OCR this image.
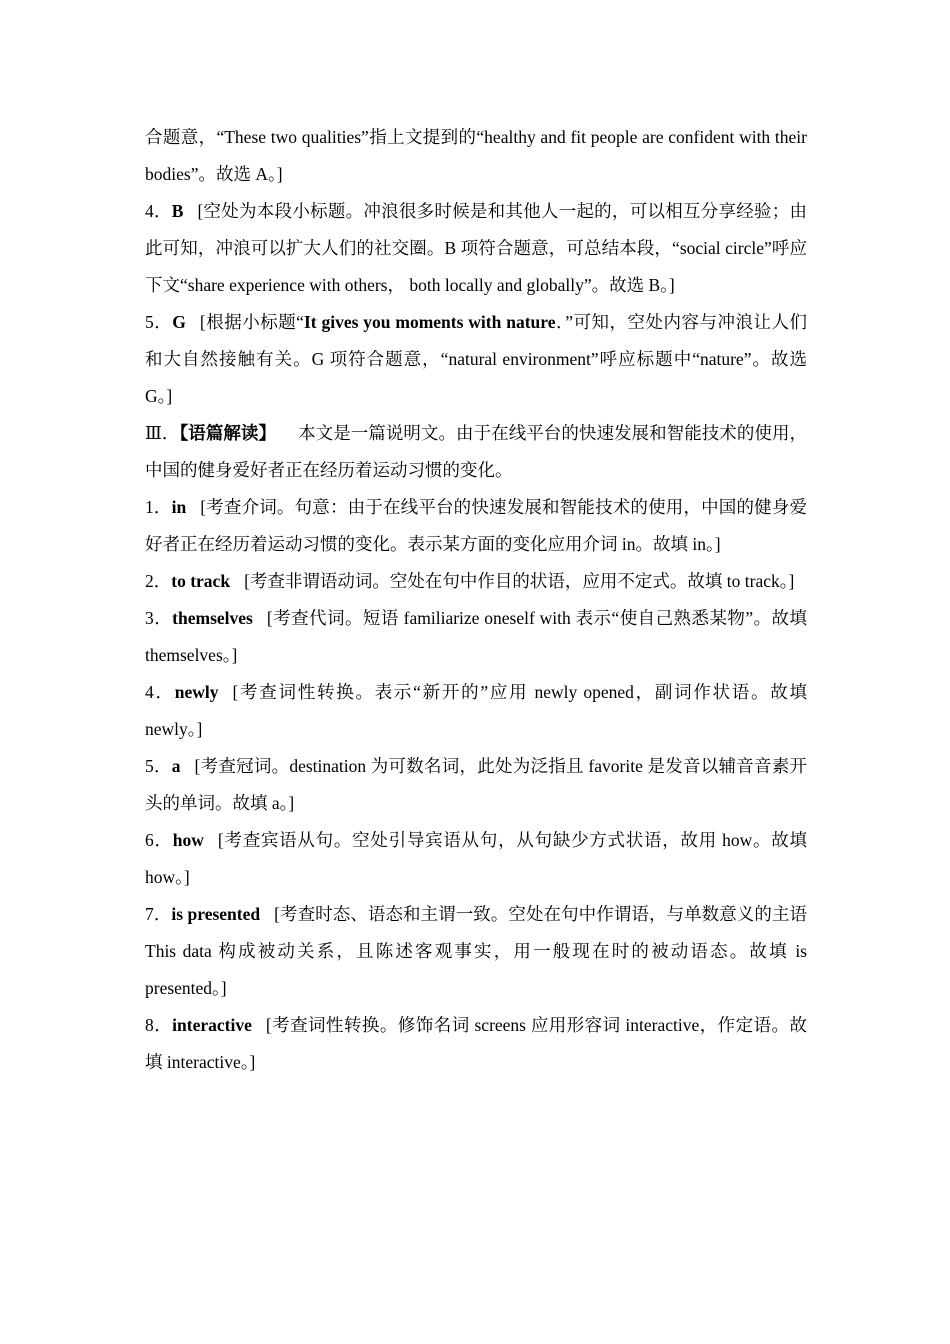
合题意，“These two qualities”指上文提到的“healthy and fit people are confident with their bodies”。故选 A。]

4．B [空处为本段小标题。冲浪很多时候是和其他人一起的，可以相互分享经验；由此可知，冲浪可以扩大人们的社交圈。B 项符合题意，可总结本段，“social circle”呼应下文“share experience with others， both locally and globally”。故选 B。]

5．G [根据小标题“It gives you moments with nature．”可知，空处内容与冲浪让人们和大自然接触有关。G 项符合题意，“natural environment”呼应标题中“nature”。故选 G。]

Ⅲ．【语篇解读】 本文是一篇说明文。由于在线平台的快速发展和智能技术的使用，中国的健身爱好者正在经历着运动习惯的变化。

1．in [考查介词。句意：由于在线平台的快速发展和智能技术的使用，中国的健身爱好者正在经历着运动习惯的变化。表示某方面的变化应用介词 in。故填 in。]

2．to track [考查非谓语动词。空处在句中作目的状语，应用不定式。故填 to track。]

3．themselves [考查代词。短语 familiarize oneself with 表示“使自己熟悉某物”。故填 themselves。]

4．newly [考查词性转换。表示“新开的”应用 newly opened，副词作状语。故填 newly。]

5．a [考查冠词。destination 为可数名词，此处为泛指且 favorite 是发音以辅音音素开头的单词。故填 a。]

6．how [考查宾语从句。空处引导宾语从句，从句缺少方式状语，故用 how。故填 how。]

7．is presented [考查时态、语态和主谓一致。空处在句中作谓语，与单数意义的主语 This data 构成被动关系，且陈述客观事实，用一般现在时的被动语态。故填 is presented。]

8．interactive [考查词性转换。修饰名词 screens 应用形容词 interactive，作定语。故填 interactive。]
